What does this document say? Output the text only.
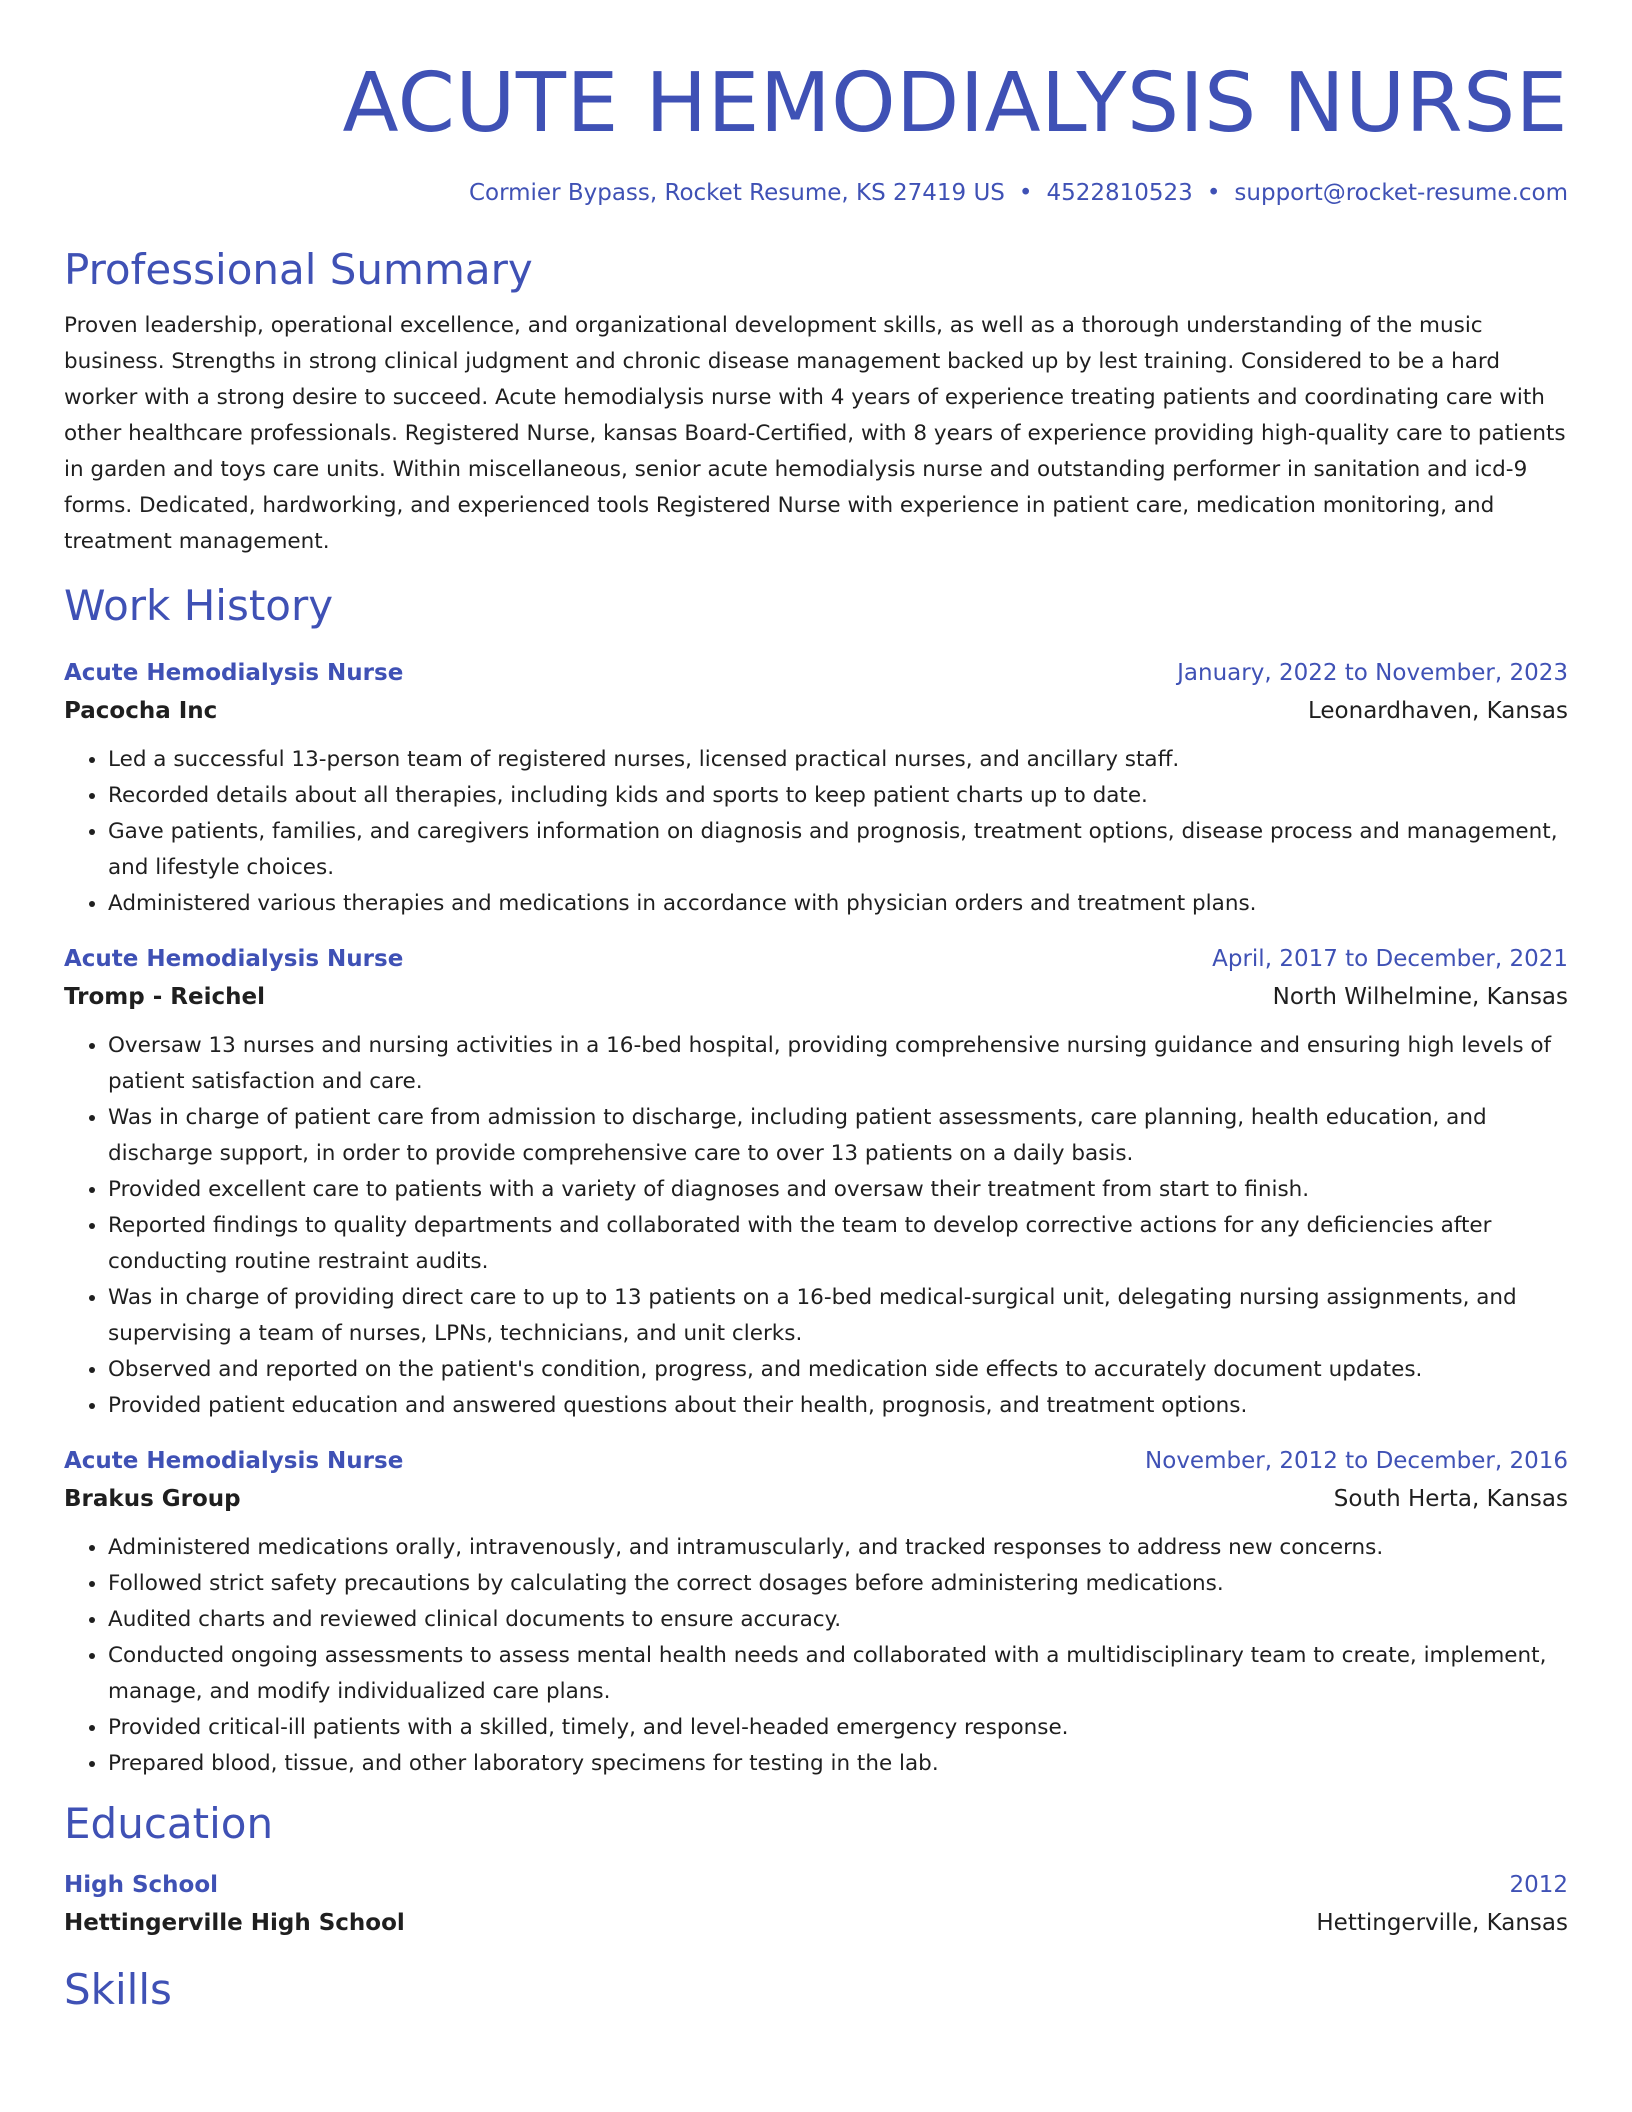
ACUTE HEMODIALYSIS NURSE
Cormier Bypass, Rocket Resume, KS 27419 US • 4522810523 • support@rocket-resume.com
Professional Summary
Proven leadership, operational excellence, and organizational development skills, as well as a thorough understanding of the music business. Strengths in strong clinical judgment and chronic disease management backed up by lest training. Considered to be a hard worker with a strong desire to succeed. Acute hemodialysis nurse with 4 years of experience treating patients and coordinating care with other healthcare professionals. Registered Nurse, kansas Board-Certified, with 8 years of experience providing high-quality care to patients in garden and toys care units. Within miscellaneous, senior acute hemodialysis nurse and outstanding performer in sanitation and icd-9 forms. Dedicated, hardworking, and experienced tools Registered Nurse with experience in patient care, medication monitoring, and treatment management.
Work History
Acute Hemodialysis Nurse	January, 2022 to November, 2023
Pacocha Inc	Leonardhaven, Kansas
• Led a successful 13-person team of registered nurses, licensed practical nurses, and ancillary staff.
• Recorded details about all therapies, including kids and sports to keep patient charts up to date.
• Gave patients, families, and caregivers information on diagnosis and prognosis, treatment options, disease process and management, and lifestyle choices.
• Administered various therapies and medications in accordance with physician orders and treatment plans.
Acute Hemodialysis Nurse	April, 2017 to December, 2021
Tromp - Reichel	North Wilhelmine, Kansas
• Oversaw 13 nurses and nursing activities in a 16-bed hospital, providing comprehensive nursing guidance and ensuring high levels of patient satisfaction and care.
• Was in charge of patient care from admission to discharge, including patient assessments, care planning, health education, and discharge support, in order to provide comprehensive care to over 13 patients on a daily basis.
• Provided excellent care to patients with a variety of diagnoses and oversaw their treatment from start to finish.
• Reported findings to quality departments and collaborated with the team to develop corrective actions for any deficiencies after conducting routine restraint audits.
• Was in charge of providing direct care to up to 13 patients on a 16-bed medical-surgical unit, delegating nursing assignments, and supervising a team of nurses, LPNs, technicians, and unit clerks.
• Observed and reported on the patient's condition, progress, and medication side effects to accurately document updates.
• Provided patient education and answered questions about their health, prognosis, and treatment options.
Acute Hemodialysis Nurse	November, 2012 to December, 2016
Brakus Group	South Herta, Kansas
• Administered medications orally, intravenously, and intramuscularly, and tracked responses to address new concerns.
• Followed strict safety precautions by calculating the correct dosages before administering medications.
• Audited charts and reviewed clinical documents to ensure accuracy.
• Conducted ongoing assessments to assess mental health needs and collaborated with a multidisciplinary team to create, implement, manage, and modify individualized care plans.
• Provided critical-ill patients with a skilled, timely, and level-headed emergency response.
• Prepared blood, tissue, and other laboratory specimens for testing in the lab.
Education
High School	2012
Hettingerville High School	Hettingerville, Kansas
Skills
